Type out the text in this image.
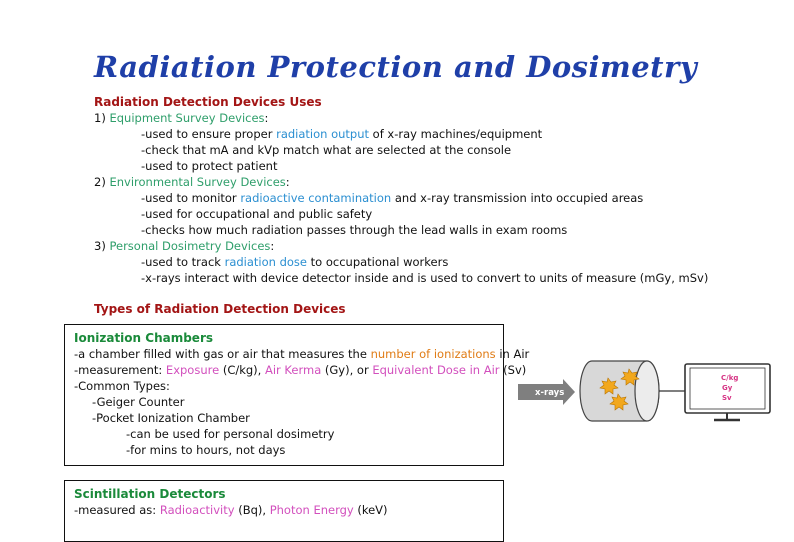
Radiation Protection and Dosimetry
Radiation Detection Devices Uses
1) Equipment Survey Devices:
-used to ensure proper radiation output of x-ray machines/equipment
-check that mA and kVp match what are selected at the console
-used to protect patient
2) Environmental Survey Devices:
-used to monitor radioactive contamination and x-ray transmission into occupied areas
-used for occupational and public safety
-checks how much radiation passes through the lead walls in exam rooms
3) Personal Dosimetry Devices:
-used to track radiation dose to occupational workers
-x-rays interact with device detector inside and is used to convert to units of measure (mGy, mSv)
Types of Radiation Detection Devices
Ionization Chambers
-a chamber filled with gas or air that measures the number of ionizations in Air
-measurement: Exposure (C/kg), Air Kerma (Gy), or Equivalent Dose in Air (Sv)
-Common Types:
-Geiger Counter
-Pocket Ionization Chamber
-can be used for personal dosimetry
-for mins to hours, not days
x-rays
C/kg
Gy
Sv
Scintillation Detectors
-measured as: Radioactivity (Bq), Photon Energy (keV)
